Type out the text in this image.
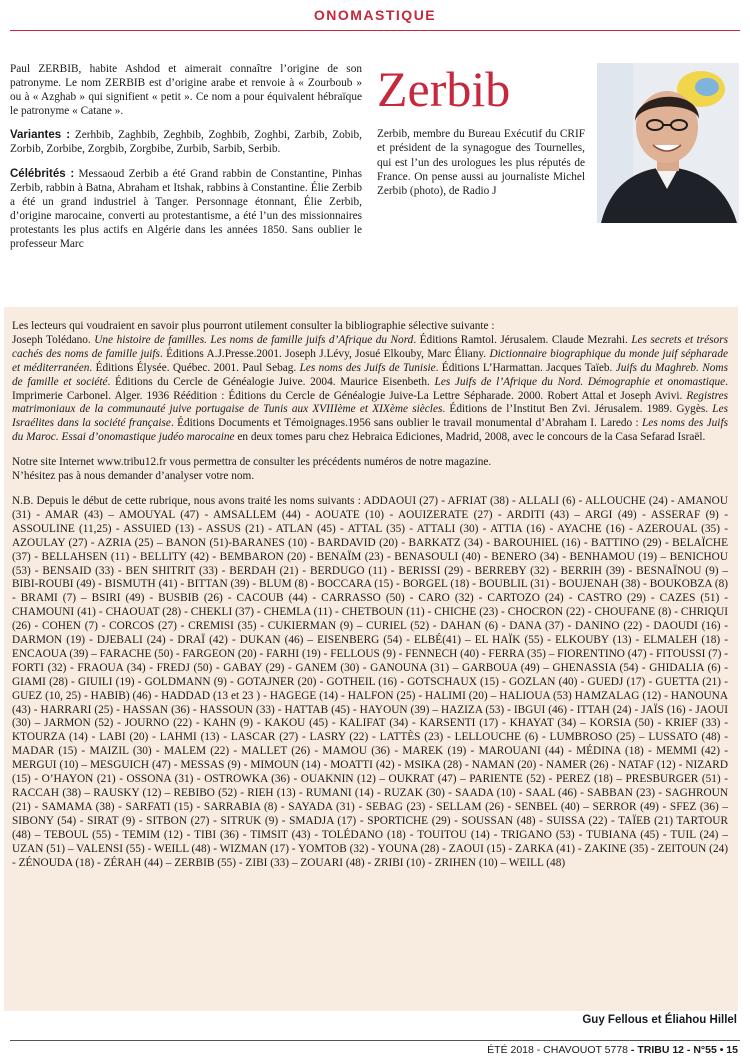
ONOMASTIQUE

Paul ZERBIB, habite Ashdod et aimerait connaître l’origine de son patronyme. Le nom ZERBIB est d’origine arabe et renvoie à « Zourboub » ou à « Azghab » qui signifient « petit ». Ce nom a pour équivalent hébraïque le patronyme « Catane ».

Variantes : Zerhbib, Zaghbib, Zeghbib, Zoghbib, Zoghbi, Zarbib, Zobib, Zorbib, Zorbibe, Zorgbib, Zorgbibe, Zurbib, Sarbib, Serbib.

Célébrités : Messaoud Zerbib a été Grand rabbin de Constantine, Pinhas Zerbib, rabbin à Batna, Abraham et Itshak, rabbins à Constantine. Élie Zerbib a été un grand industriel à Tanger. Personnage étonnant, Élie Zerbib, d’origine marocaine, converti au protestantisme, a été l’un des missionnaires protestants les plus actifs en Algérie dans les années 1850. Sans oublier le professeur Marc

Zerbib
Zerbib, membre du Bureau Exécutif du CRIF et président de la synagogue des Tournelles, qui est l’un des urologues les plus réputés de France. On pense aussi au journaliste Michel Zerbib (photo), de Radio J

Les lecteurs qui voudraient en savoir plus pourront utilement consulter la bibliographie sélective suivante :

Joseph Tolédano. Une histoire de familles. Les noms de famille juifs d’Afrique du Nord. Éditions Ramtol. Jérusalem. Claude Mezrahi. Les secrets et trésors cachés des noms de famille juifs. Éditions A.J.Presse.2001. Joseph J.Lévy, Josué Elkouby, Marc Éliany. Dictionnaire biographique du monde juif sépharade et méditerranéen. Éditions Élysée. Québec. 2001. Paul Sebag. Les noms des Juifs de Tunisie. Éditions L’Harmattan. Jacques Taïeb. Juifs du Maghreb. Noms de famille et société. Éditions du Cercle de Généalogie Juive. 2004. Maurice Eisenbeth. Les Juifs de l’Afrique du Nord. Démographie et onomastique. Imprimerie Carbonel. Alger. 1936 Réédition : Éditions du Cercle de Généalogie Juive-La Lettre Sépharade. 2000. Robert Attal et Joseph Avivi. Registres matrimoniaux de la communauté juive portugaise de Tunis aux XVIIIème et XIXème siècles. Éditions de l’Institut Ben Zvi. Jérusalem. 1989. Gygès. Les Israélites dans la société française. Éditions Documents et Témoignages.1956 sans oublier le travail monumental d’Abraham I. Laredo : Les noms des Juifs du Maroc. Essai d’onomastique judéo marocaine en deux tomes paru chez Hebraica Ediciones, Madrid, 2008, avec le concours de la Casa Sefarad Israël.

Notre site Internet www.tribu12.fr vous permettra de consulter les précédents numéros de notre magazine.

N’hésitez pas à nous demander d’analyser votre nom.

N.B. Depuis le début de cette rubrique, nous avons traité les noms suivants : ADDAOUI (27) - AFRIAT (38) - ALLALI (6) - ALLOUCHE (24) - AMANOU (31) - AMAR (43) – AMOUYAL (47) - AMSALLEM (44) - AOUATE (10) - AOUIZERATE (27) - ARDITI (43) – ARGI (49) - ASSERAF (9) - ASSOULINE (11,25) - ASSUIED (13) - ASSUS (21) - ATLAN (45) - ATTAL (35) - ATTALI (30) - ATTIA (16) - AYACHE (16) - AZEROUAL (35) - AZOULAY (27) - AZRIA (25) – BANON (51)-BARANES (10) - BARDAVID (20) - BARKATZ (34) - BAROUHIEL (16) - BATTINO (29) - BELAÏCHE (37) - BELLAHSEN (11) - BELLITY (42) - BEMBARON (20) - BENAÏM (23) - BENASOULI (40) - BENERO (34) - BENHAMOU (19) – BENICHOU (53) - BENSAID (33) - BEN SHITRIT (33) - BERDAH (21) - BERDUGO (11) - BERISSI (29) - BERREBY (32) - BERRIH (39) - BESNAÏNOU (9) – BIBI-ROUBI (49) - BISMUTH (41) - BITTAN (39) - BLUM (8) - BOCCARA (15) - BORGEL (18) - BOUBLIL (31) - BOUJENAH (38) - BOUKOBZA (8) - BRAMI (7) – BSIRI (49) - BUSBIB (26) - CACOUB (44) - CARRASSO (50) - CARO (32) - CARTOZO (24) - CASTRO (29) - CAZES (51) - CHAMOUNI (41) - CHAOUAT (28) - CHEKLI (37) - CHEMLA (11) - CHETBOUN (11) - CHICHE (23) - CHOCRON (22) - CHOUFANE (8) - CHRIQUI (26) - COHEN (7) - CORCOS (27) - CREMISI (35) - CUKIERMAN (9) – CURIEL (52) - DAHAN (6) - DANA (37) - DANINO (22) - DAOUDI (16) - DARMON (19) - DJEBALI (24) - DRAÏ (42) - DUKAN (46) – EISENBERG (54) - ELBÉ(41) – EL HAÏK (55) - ELKOUBY (13) - ELMALEH (18) - ENCAOUA (39) – FARACHE (50) - FARGEON (20) - FARHI (19) - FELLOUS (9) - FENNECH (40) - FERRA (35) – FIORENTINO (47) - FITOUSSI (7) - FORTI (32) - FRAOUA (34) - FREDJ (50) - GABAY (29) - GANEM (30) - GANOUNA (31) – GARBOUA (49) – GHENASSIA (54) - GHIDALIA (6) - GIAMI (28) - GIUILI (19) - GOLDMANN (9) - GOTAJNER (20) - GOTHEIL (16) - GOTSCHAUX (15) - GOZLAN (40) - GUEDJ (17) - GUETTA (21) - GUEZ (10, 25) - HABIB) (46) - HADDAD (13 et 23 ) - HAGEGE (14) - HALFON (25) - HALIMI (20) – HALIOUA (53) HAMZALAG (12) - HANOUNA (43) - HARRARI (25) - HASSAN (36) - HASSOUN (33) - HATTAB (45) - HAYOUN (39) – HAZIZA (53) - IBGUI (46) - ITTAH (24) - JAÏS (16) - JAOUI (30) – JARMON (52) - JOURNO (22) - KAHN (9) - KAKOU (45) - KALIFAT (34) - KARSENTI (17) - KHAYAT (34) – KORSIA (50) - KRIEF (33) - KTOURZA (14) - LABI (20) - LAHMI (13) - LASCAR (27) - LASRY (22) - LATTÈS (23) - LELLOUCHE (6) - LUMBROSO (25) – LUSSATO (48) - MADAR (15) - MAIZIL (30) - MALEM (22) - MALLET (26) - MAMOU (36) - MAREK (19) - MAROUANI (44) - MÉDINA (18) - MEMMI (42) - MERGUI (10) – MESGUICH (47) - MESSAS (9) - MIMOUN (14) - MOATTI (42) - MSIKA (28) - NAMAN (20) - NAMER (26) - NATAF (12) - NIZARD (15) - O’HAYON (21) - OSSONA (31) - OSTROWKA (36) - OUAKNIN (12) – OUKRAT (47) – PARIENTE (52) - PEREZ (18) – PRESBURGER (51) - RACCAH (38) – RAUSKY (12) – REBIBO (52) - RIEH (13) - RUMANI (14) - RUZAK (30) - SAADA (10) - SAAL (46) - SABBAN (23) - SAGHROUN (21) - SAMAMA (38) - SARFATI (15) - SARRABIA (8) - SAYADA (31) - SEBAG (23) - SELLAM (26) - SENBEL (40) – SERROR (49) - SFEZ (36) – SIBONY (54) - SIRAT (9) - SITBON (27) - SITRUK (9) - SMADJA (17) - SPORTICHE (29) - SOUSSAN (48) - SUISSA (22) - TAÏEB (21) TARTOUR (48) – TEBOUL (55) - TEMIM (12) - TIBI (36) - TIMSIT (43) - TOLÉDANO (18) - TOUITOU (14) - TRIGANO (53) - TUBIANA (45) - TUIL (24) – UZAN (51) – VALENSI (55) - WEILL (48) - WIZMAN (17) - YOMTOB (32) - YOUNA (28) - ZAOUI (15) - ZARKA (41) - ZAKINE (35) - ZEITOUN (24) - ZÉNOUDA (18) - ZÉRAH (44) – ZERBIB (55) - ZIBI (33) – ZOUARI (48) - ZRIBI (10) - ZRIHEN (10) – WEILL (48)

Guy Fellous et Éliahou Hillel
ÉTÉ 2018 - CHAVOUOT 5778 - TRIBU 12 - N°55 • 15
